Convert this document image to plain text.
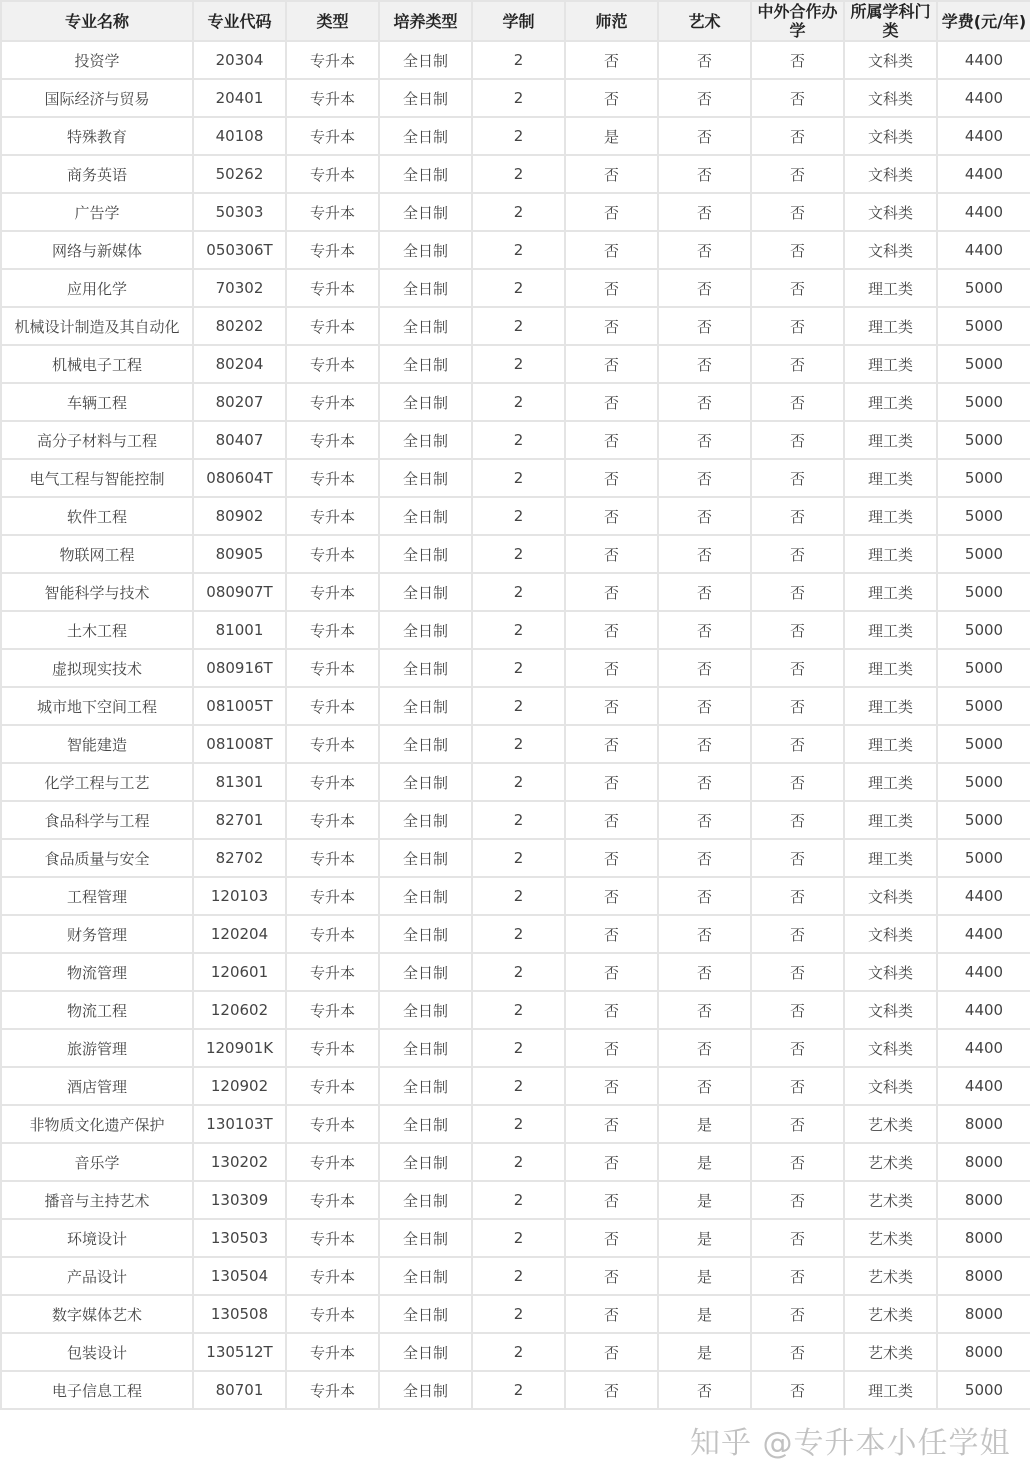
专业名称	专业代码	类型	培养类型	学制	师范	艺术	中外合作办学	所属学科门类	学费(元/年)
投资学	20304	专升本	全日制	2	否	否	否	文科类	4400
国际经济与贸易	20401	专升本	全日制	2	否	否	否	文科类	4400
特殊教育	40108	专升本	全日制	2	是	否	否	文科类	4400
商务英语	50262	专升本	全日制	2	否	否	否	文科类	4400
广告学	50303	专升本	全日制	2	否	否	否	文科类	4400
网络与新媒体	050306T	专升本	全日制	2	否	否	否	文科类	4400
应用化学	70302	专升本	全日制	2	否	否	否	理工类	5000
机械设计制造及其自动化	80202	专升本	全日制	2	否	否	否	理工类	5000
机械电子工程	80204	专升本	全日制	2	否	否	否	理工类	5000
车辆工程	80207	专升本	全日制	2	否	否	否	理工类	5000
高分子材料与工程	80407	专升本	全日制	2	否	否	否	理工类	5000
电气工程与智能控制	080604T	专升本	全日制	2	否	否	否	理工类	5000
软件工程	80902	专升本	全日制	2	否	否	否	理工类	5000
物联网工程	80905	专升本	全日制	2	否	否	否	理工类	5000
智能科学与技术	080907T	专升本	全日制	2	否	否	否	理工类	5000
土木工程	81001	专升本	全日制	2	否	否	否	理工类	5000
虚拟现实技术	080916T	专升本	全日制	2	否	否	否	理工类	5000
城市地下空间工程	081005T	专升本	全日制	2	否	否	否	理工类	5000
智能建造	081008T	专升本	全日制	2	否	否	否	理工类	5000
化学工程与工艺	81301	专升本	全日制	2	否	否	否	理工类	5000
食品科学与工程	82701	专升本	全日制	2	否	否	否	理工类	5000
食品质量与安全	82702	专升本	全日制	2	否	否	否	理工类	5000
工程管理	120103	专升本	全日制	2	否	否	否	文科类	4400
财务管理	120204	专升本	全日制	2	否	否	否	文科类	4400
物流管理	120601	专升本	全日制	2	否	否	否	文科类	4400
物流工程	120602	专升本	全日制	2	否	否	否	文科类	4400
旅游管理	120901K	专升本	全日制	2	否	否	否	文科类	4400
酒店管理	120902	专升本	全日制	2	否	否	否	文科类	4400
非物质文化遗产保护	130103T	专升本	全日制	2	否	是	否	艺术类	8000
音乐学	130202	专升本	全日制	2	否	是	否	艺术类	8000
播音与主持艺术	130309	专升本	全日制	2	否	是	否	艺术类	8000
环境设计	130503	专升本	全日制	2	否	是	否	艺术类	8000
产品设计	130504	专升本	全日制	2	否	是	否	艺术类	8000
数字媒体艺术	130508	专升本	全日制	2	否	是	否	艺术类	8000
包装设计	130512T	专升本	全日制	2	否	是	否	艺术类	8000
电子信息工程	80701	专升本	全日制	2	否	否	否	理工类	5000
知乎 @专升本小任学姐
